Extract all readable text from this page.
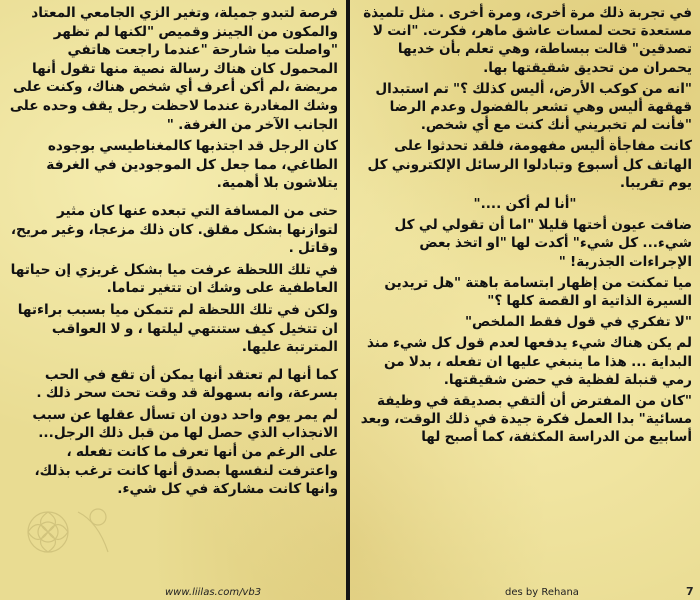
في تجربة ذلك مرة أخرى، ومرة أخرى . مثل تلميذة مستعدة تحت لمسات عاشق ماهر، فكرت. "انت لا تصدقين" قالت ببساطة، وهي تعلم بأن خديها يحمران من تحديق شقيقتها بها.

"انه من كوكب الأرض، أليس كذلك ؟" تم استبدال قهقهة أليس وهي تشعر بالفضول وعدم الرضا "فأنت لم تخبريني أنك كنت مع أي شخص.

كانت مفاجأة أليس مفهومة، فلقد تحدثوا على الهاتف كل أسبوع وتبادلوا الرسائل الإلكتروني كل يوم تقريبا.

"أنا لم أكن ...."

ضاقت عيون أختها قليلا "اما أن تقولي لي كل شيء... كل شيء" أكدت لها "او اتخذ بعض الإجراءات الجذرية! "

ميا تمكنت من إظهار ابتسامة باهتة "هل تريدين السيرة الذاتية او القصة كلها ؟"

"لا تفكري في قول فقط الملخص"

لم يكن هناك شيء يدفعها لعدم قول كل شيء منذ البداية ... هذا ما ينبغي عليها ان تفعله ، بدلا من رمي قنبلة لفظية في حضن شقيقتها.

"كان من المفترض أن ألتقي بصديقة في وظيفة مسائية" بدا العمل فكرة جيدة في ذلك الوقت، وبعد أسابيع من الدراسة المكثفة، كما أصبح لها

فرصة لتبدو جميلة، وتغير الزي الجامعي المعتاد والمكون من الجينز وقميص "لكنها لم تظهر "واصلت ميا شارحة "عندما راجعت هاتفي المحمول كان هناك رسالة نصية منها تقول أنها مريضة ،لم أكن أعرف أي شخص هناك، وكنت على وشك المغادرة عندما لاحظت رجل يقف وحده على الجانب الآخر من الغرفة. "

كان الرجل قد اجتذبها كالمغناطيسي بوجوده الطاغي، مما جعل كل الموجودين في الغرفة يتلاشون بلا أهمية.

حتى من المسافة التي تبعده عنها كان مثير لتوازنها بشكل مقلق. كان ذلك مزعجا، وغير مريح، وقاتل .

في تلك اللحظة عرفت ميا بشكل غريزي إن حياتها العاطفية على وشك ان تتغير تماما.

ولكن في تلك اللحظة لم تتمكن ميا بسبب براءتها ان تتخيل كيف ستنتهي ليلتها ، و لا العواقب المترتبة عليها.

كما أنها لم تعتقد أنها يمكن أن تقع في الحب بسرعة، وانه بسهولة قد وقت تحت سحر ذلك .

لم يمر يوم واحد دون ان تسأل عقلها عن سبب الانجذاب الذي حصل لها من قبل ذلك الرجل... على الرغم من أنها تعرف ما كانت تفعله ، واعترفت لنفسها بصدق أنها كانت ترغب بذلك، وانها كانت مشاركة في كل شيء.

www.liilas.com/vb3	des by Rehana	7
